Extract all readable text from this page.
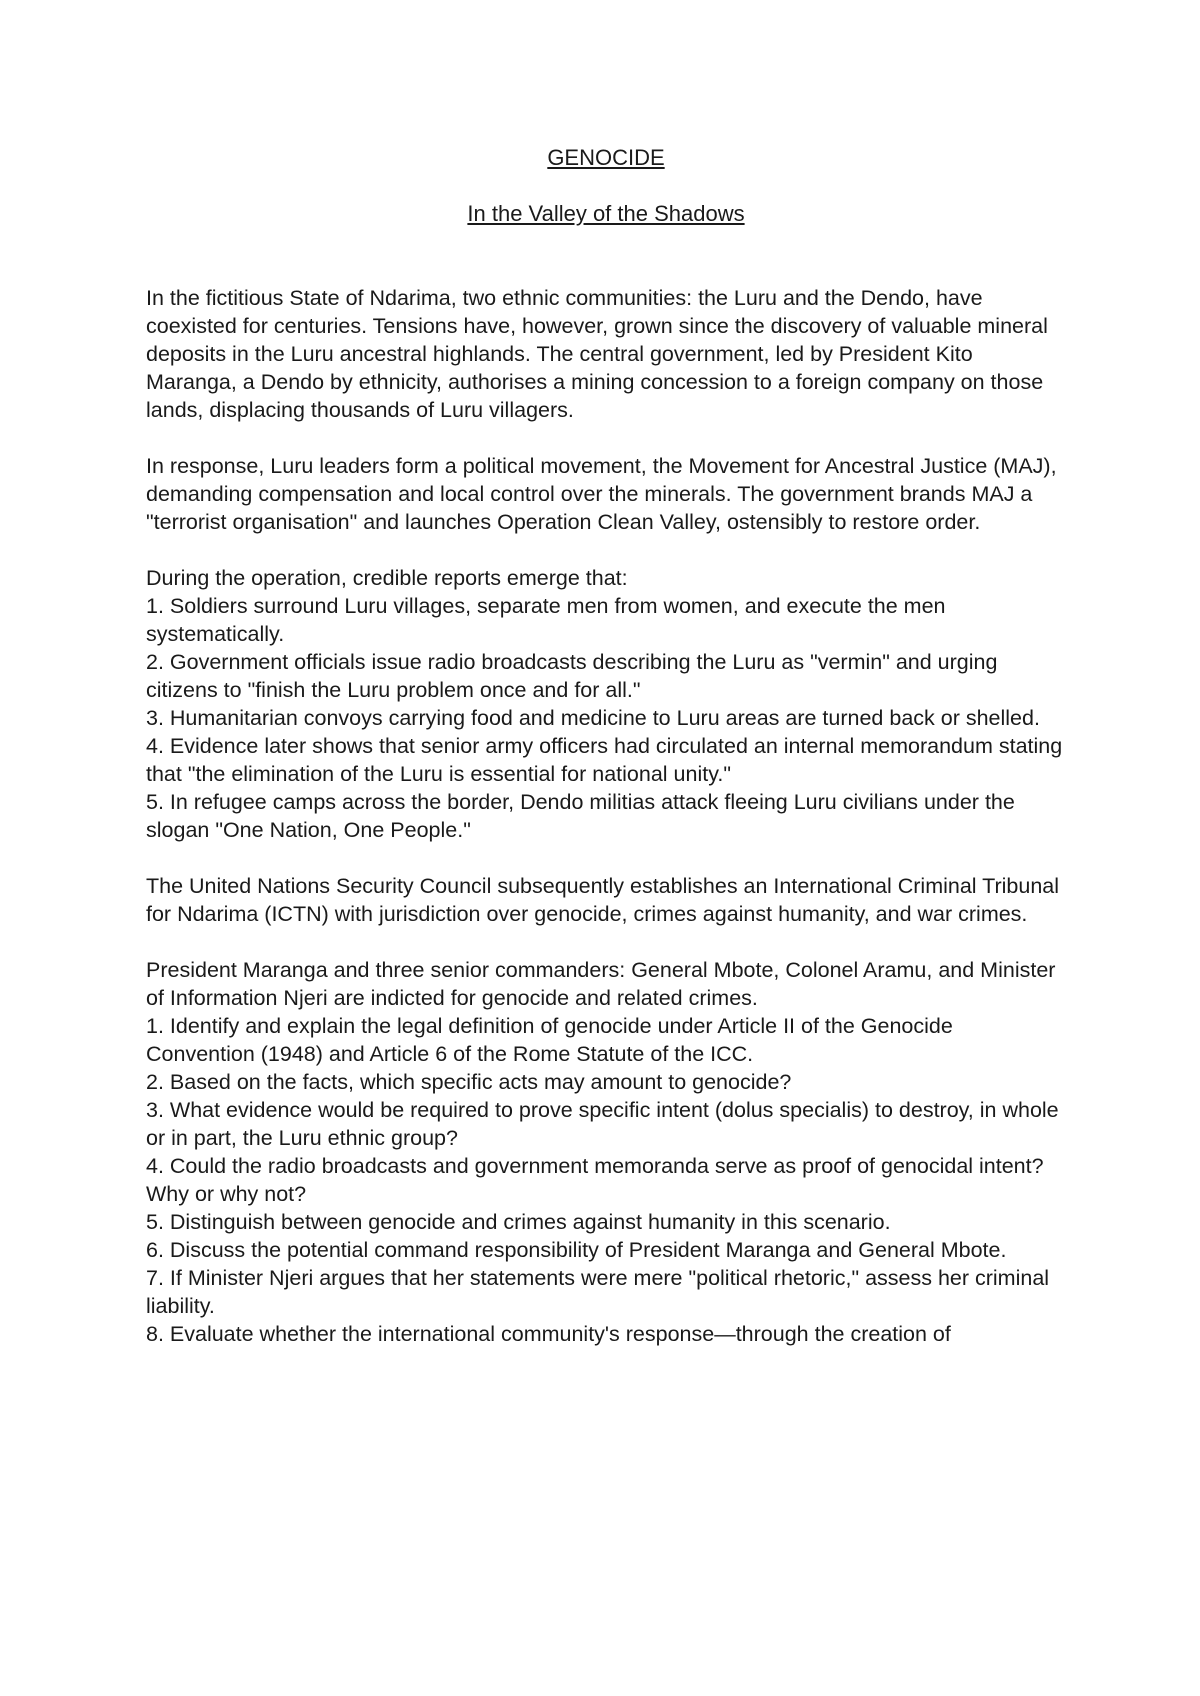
GENOCIDE

In the Valley of the Shadows

In the fictitious State of Ndarima, two ethnic communities: the Luru and the Dendo, have coexisted for centuries. Tensions have, however, grown since the discovery of valuable mineral deposits in the Luru ancestral highlands. The central government, led by President Kito Maranga, a Dendo by ethnicity, authorises a mining concession to a foreign company on those lands, displacing thousands of Luru villagers.

In response, Luru leaders form a political movement, the Movement for Ancestral Justice (MAJ), demanding compensation and local control over the minerals. The government brands MAJ a "terrorist organisation" and launches Operation Clean Valley, ostensibly to restore order.

During the operation, credible reports emerge that:

1. Soldiers surround Luru villages, separate men from women, and execute the men systematically.
2. Government officials issue radio broadcasts describing the Luru as "vermin" and urging citizens to "finish the Luru problem once and for all."
3. Humanitarian convoys carrying food and medicine to Luru areas are turned back or shelled.
4. Evidence later shows that senior army officers had circulated an internal memorandum stating that "the elimination of the Luru is essential for national unity."
5. In refugee camps across the border, Dendo militias attack fleeing Luru civilians under the slogan "One Nation, One People."

The United Nations Security Council subsequently establishes an International Criminal Tribunal for Ndarima (ICTN) with jurisdiction over genocide, crimes against humanity, and war crimes.

President Maranga and three senior commanders: General Mbote, Colonel Aramu, and Minister of Information Njeri are indicted for genocide and related crimes.

1. Identify and explain the legal definition of genocide under Article II of the Genocide Convention (1948) and Article 6 of the Rome Statute of the ICC.
2. Based on the facts, which specific acts may amount to genocide?
3. What evidence would be required to prove specific intent (dolus specialis) to destroy, in whole or in part, the Luru ethnic group?
4. Could the radio broadcasts and government memoranda serve as proof of genocidal intent? Why or why not?
5. Distinguish between genocide and crimes against humanity in this scenario.
6. Discuss the potential command responsibility of President Maranga and General Mbote.
7. If Minister Njeri argues that her statements were mere "political rhetoric," assess her criminal liability.
8. Evaluate whether the international community's response—through the creation of
